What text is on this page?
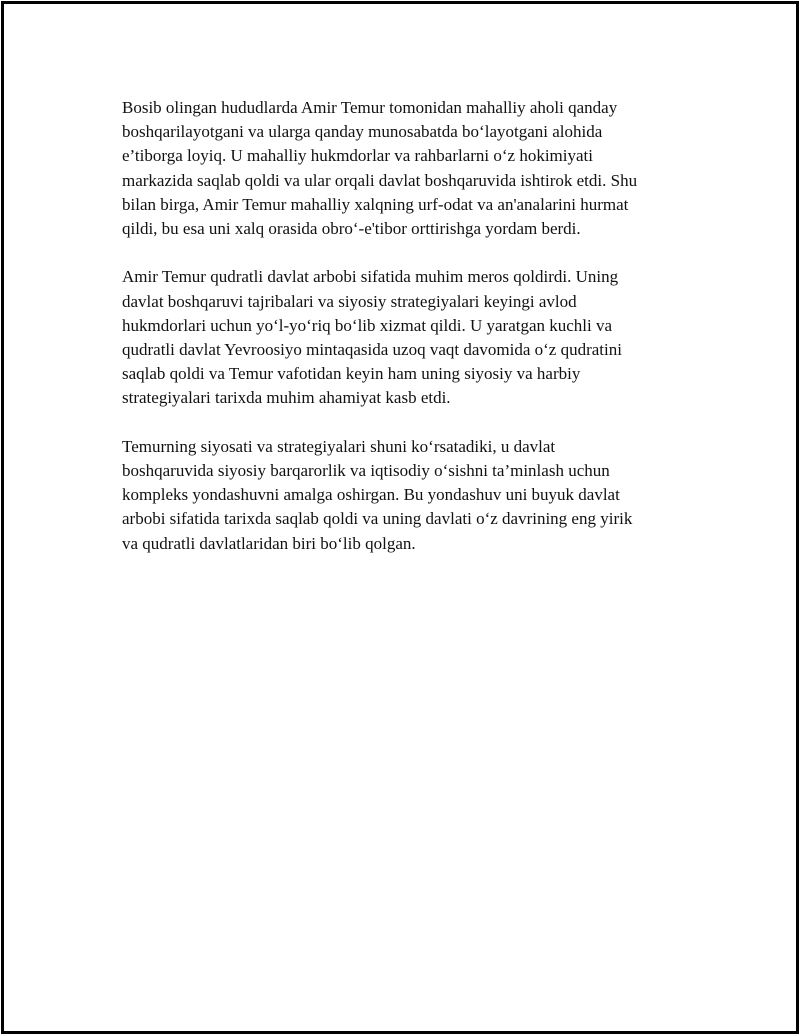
Bosib olingan hududlarda Amir Temur tomonidan mahalliy aholi qanday
boshqarilayotgani va ularga qanday munosabatda bo‘layotgani alohida
e’tiborga loyiq. U mahalliy hukmdorlar va rahbarlarni o‘z hokimiyati
markazida saqlab qoldi va ular orqali davlat boshqaruvida ishtirok etdi. Shu
bilan birga, Amir Temur mahalliy xalqning urf-odat va an'analarini hurmat
qildi, bu esa uni xalq orasida obro‘-e'tibor orttirishga yordam berdi.

Amir Temur qudratli davlat arbobi sifatida muhim meros qoldirdi. Uning
davlat boshqaruvi tajribalari va siyosiy strategiyalari keyingi avlod
hukmdorlari uchun yo‘l-yo‘riq bo‘lib xizmat qildi. U yaratgan kuchli va
qudratli davlat Yevroosiyo mintaqasida uzoq vaqt davomida o‘z qudratini
saqlab qoldi va Temur vafotidan keyin ham uning siyosiy va harbiy
strategiyalari tarixda muhim ahamiyat kasb etdi.

Temurning siyosati va strategiyalari shuni ko‘rsatadiki, u davlat
boshqaruvida siyosiy barqarorlik va iqtisodiy o‘sishni ta’minlash uchun
kompleks yondashuvni amalga oshirgan. Bu yondashuv uni buyuk davlat
arbobi sifatida tarixda saqlab qoldi va uning davlati o‘z davrining eng yirik
va qudratli davlatlaridan biri bo‘lib qolgan.
